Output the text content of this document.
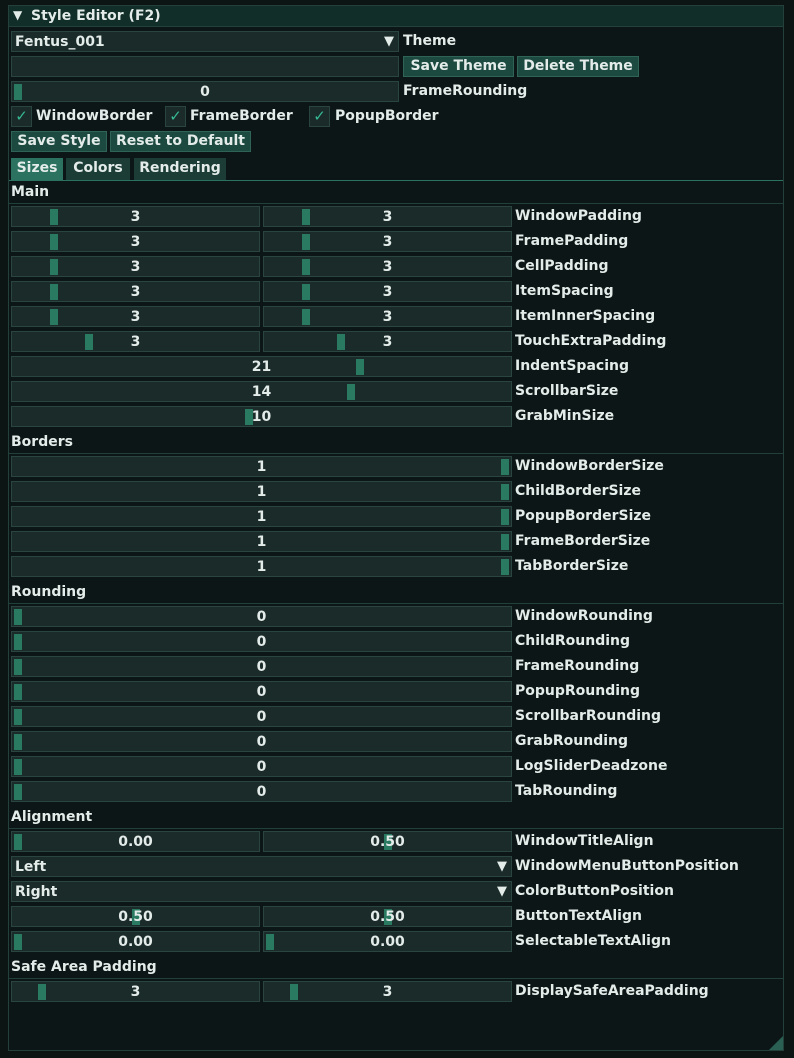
▼ Style Editor (F2)
Fentus_001	▼ Theme
Save Theme	Delete Theme
0	FrameRounding
✓ WindowBorder ✓ FrameBorder ✓ PopupBorder
Save Style	Reset to Default
Sizes	Colors	Rendering
Main
3	3	WindowPadding
3	3	FramePadding
3	3	CellPadding
3	3	ItemSpacing
3	3	ItemInnerSpacing
3	3	TouchExtraPadding
21	IndentSpacing
14	ScrollbarSize
10	GrabMinSize
Borders
1	WindowBorderSize
1	ChildBorderSize
1	PopupBorderSize
1	FrameBorderSize
1	TabBorderSize
Rounding
0	WindowRounding
0	ChildRounding
0	FrameRounding
0	PopupRounding
0	ScrollbarRounding
0	GrabRounding
0	LogSliderDeadzone
0	TabRounding
Alignment
0.00	0.50	WindowTitleAlign
Left	▼ WindowMenuButtonPosition
Right	▼ ColorButtonPosition
0.50	0.50	ButtonTextAlign
0.00	0.00	SelectableTextAlign
Safe Area Padding
3	3	DisplaySafeAreaPadding
